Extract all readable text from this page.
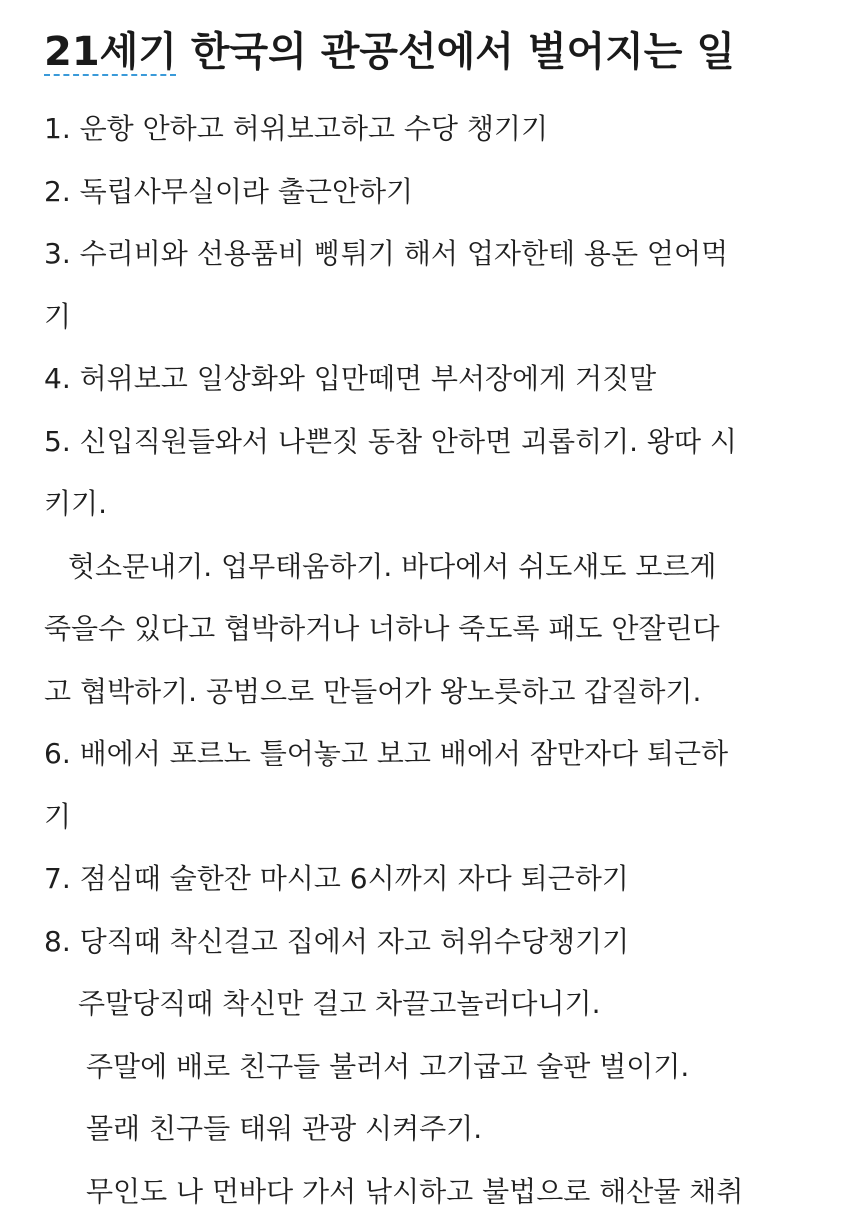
21세기 한국의 관공선에서 벌어지는 일
1. 운항 안하고 허위보고하고 수당 챙기기
2. 독립사무실이라 출근안하기
3. 수리비와 선용품비 삥튀기 해서 업자한테 용돈 얻어먹
기
4. 허위보고 일상화와 입만떼면 부서장에게 거짓말
5. 신입직원들와서 나쁜짓 동참 안하면 괴롭히기. 왕따 시
키기.
헛소문내기. 업무태움하기. 바다에서 쉬도새도 모르게
죽을수 있다고 협박하거나 너하나 죽도록 패도 안잘린다
고 협박하기. 공범으로 만들어가 왕노릇하고 갑질하기.
6. 배에서 포르노 틀어놓고 보고 배에서 잠만자다 퇴근하
기
7. 점심때 술한잔 마시고 6시까지 자다 퇴근하기
8. 당직때 착신걸고 집에서 자고 허위수당챙기기
주말당직때 착신만 걸고 차끌고놀러다니기.
주말에 배로 친구들 불러서 고기굽고 술판 벌이기.
몰래 친구들 태워 관광 시켜주기.
무인도 나 먼바다 가서 낚시하고 불법으로 해산물 채취
